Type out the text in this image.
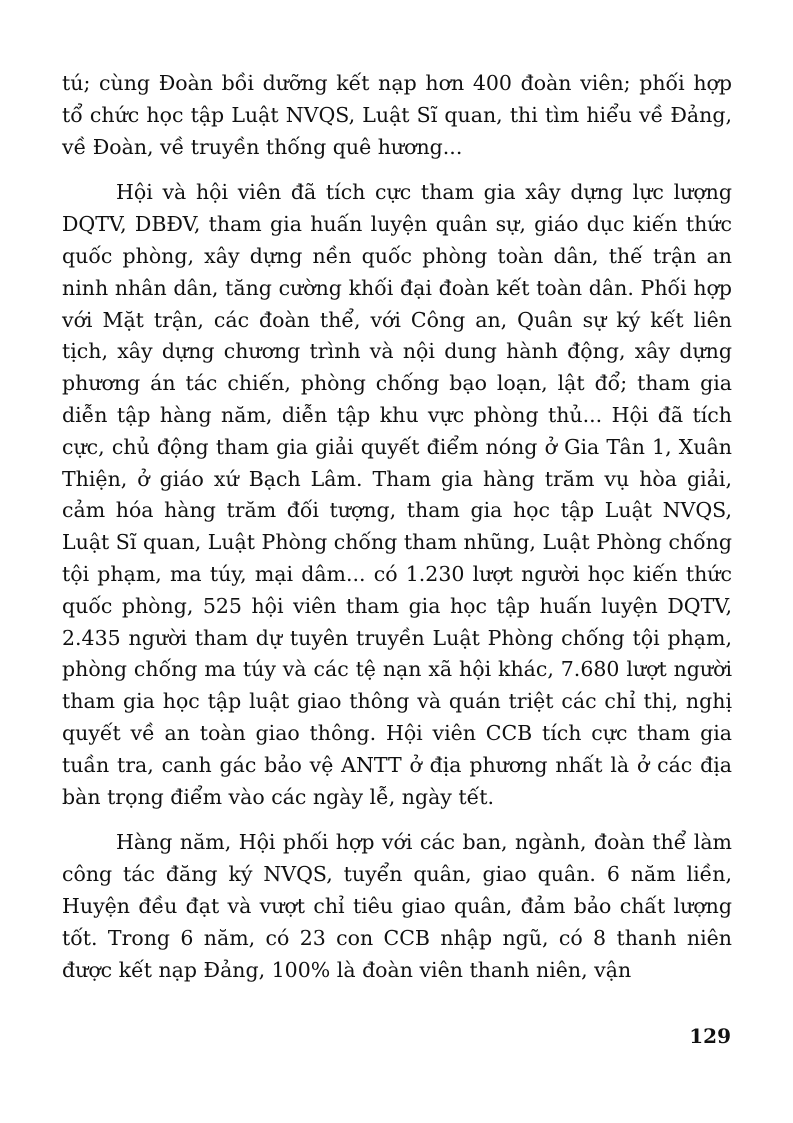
tú; cùng Đoàn bồi dưỡng kết nạp hơn 400 đoàn viên; phối hợp tổ chức học tập Luật NVQS, Luật Sĩ quan, thi tìm hiểu về Đảng, về Đoàn, về truyền thống quê hương...

Hội và hội viên đã tích cực tham gia xây dựng lực lượng DQTV, DBĐV, tham gia huấn luyện quân sự, giáo dục kiến thức quốc phòng, xây dựng nền quốc phòng toàn dân, thế trận an ninh nhân dân, tăng cường khối đại đoàn kết toàn dân. Phối hợp với Mặt trận, các đoàn thể, với Công an, Quân sự ký kết liên tịch, xây dựng chương trình và nội dung hành động, xây dựng phương án tác chiến, phòng chống bạo loạn, lật đổ; tham gia diễn tập hàng năm, diễn tập khu vực phòng thủ... Hội đã tích cực, chủ động tham gia giải quyết điểm nóng ở Gia Tân 1, Xuân Thiện, ở giáo xứ Bạch Lâm. Tham gia hàng trăm vụ hòa giải, cảm hóa hàng trăm đối tượng, tham gia học tập Luật NVQS, Luật Sĩ quan, Luật Phòng chống tham nhũng, Luật Phòng chống tội phạm, ma túy, mại dâm... có 1.230 lượt người học kiến thức quốc phòng, 525 hội viên tham gia học tập huấn luyện DQTV, 2.435 người tham dự tuyên truyền Luật Phòng chống tội phạm, phòng chống ma túy và các tệ nạn xã hội khác, 7.680 lượt người tham gia học tập luật giao thông và quán triệt các chỉ thị, nghị quyết về an toàn giao thông. Hội viên CCB tích cực tham gia tuần tra, canh gác bảo vệ ANTT ở địa phương nhất là ở các địa bàn trọng điểm vào các ngày lễ, ngày tết.

Hàng năm, Hội phối hợp với các ban, ngành, đoàn thể làm công tác đăng ký NVQS, tuyển quân, giao quân. 6 năm liền, Huyện đều đạt và vượt chỉ tiêu giao quân, đảm bảo chất lượng tốt. Trong 6 năm, có 23 con CCB nhập ngũ, có 8 thanh niên được kết nạp Đảng, 100% là đoàn viên thanh niên, vận

129
